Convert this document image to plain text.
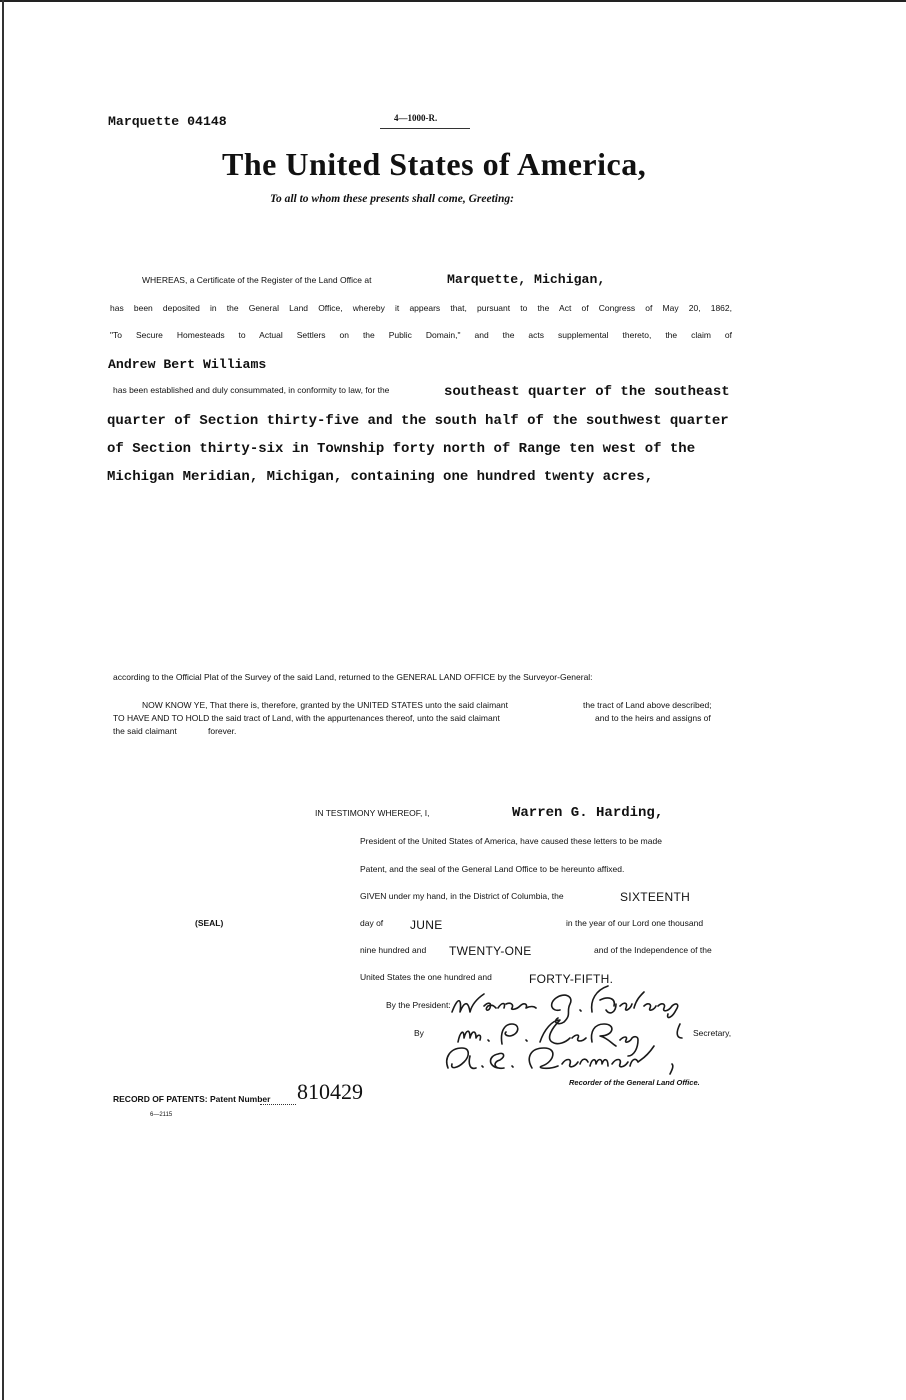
Marquette 04148	4—1000-R.
The United States of America,
To all to whom these presents shall come, Greeting:
WHEREAS, a Certificate of the Register of the Land Office at	Marquette, Michigan,
has been deposited in the General Land Office, whereby it appears that, pursuant to the Act of Congress of May 20, 1862,
"To Secure Homesteads to Actual Settlers on the Public Domain," and the acts supplemental thereto, the claim of
Andrew Bert Williams
has been established and duly consummated, in conformity to law, for the	southeast quarter of the southeast
quarter of Section thirty-five and the south half of the southwest quarter
of Section thirty-six in Township forty north of Range ten west of the
Michigan Meridian, Michigan, containing one hundred twenty acres,
according to the Official Plat of the Survey of the said Land, returned to the GENERAL LAND OFFICE by the Surveyor-General:
NOW KNOW YE, That there is, therefore, granted by the UNITED STATES unto the said claimant	the tract of Land above described;
TO HAVE AND TO HOLD the said tract of Land, with the appurtenances thereof, unto the said claimant	and to the heirs and assigns of
the said claimant	forever.
IN TESTIMONY WHEREOF, I,	Warren G. Harding,
President of the United States of America, have caused these letters to be made
Patent, and the seal of the General Land Office to be hereunto affixed.
GIVEN under my hand, in the District of Columbia, the	SIXTEENTH
(SEAL)	day of JUNE	in the year of our Lord one thousand
nine hundred and TWENTY-ONE	and of the Independence of the
United States the one hundred and	FORTY-FIFTH.
By the President:
By	Secretary,
Recorder of the General Land Office.
RECORD OF PATENTS: Patent Number 810429
6—2115
